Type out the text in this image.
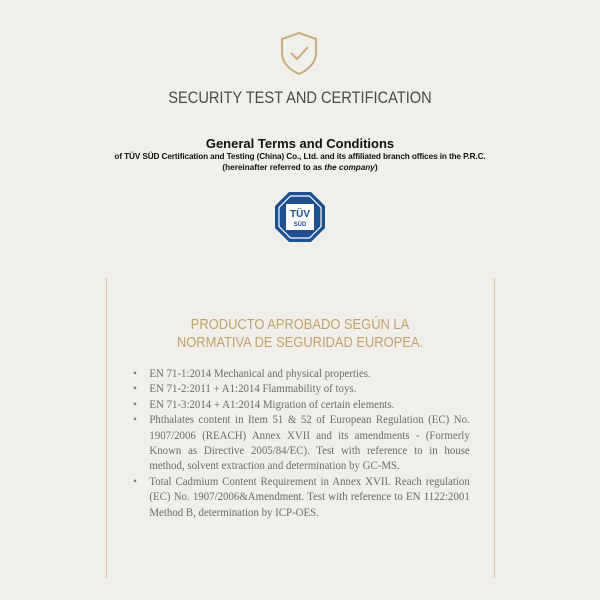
SECURITY TEST AND CERTIFICATION
General Terms and Conditions
of TÜV SÜD Certification and Testing (China) Co., Ltd. and its affiliated branch offices in the P.R.C.
(hereinafter referred to as the company)
TÜV
SÜD
PRODUCTO APROBADO SEGÚN LA
NORMATIVA DE SEGURIDAD EUROPEA.
• EN 71-1:2014 Mechanical and physical properties.
• EN 71-2:2011 + A1:2014 Flammability of toys.
• EN 71-3:2014 + A1:2014 Migration of certain elements.
• Phthalates content in Item 51 & 52 of European Regulation (EC) No. 1907/2006 (REACH) Annex XVII and its amendments - (Formerly Known as Directive 2005/84/EC). Test with reference to in house method, solvent extraction and determination by GC-MS.
• Total Cadmium Content Requirement in Annex XVII. Reach regulation (EC) No. 1907/2006&Amendment. Test with reference to EN 1122:2001 Method B, determination by ICP-OES.
